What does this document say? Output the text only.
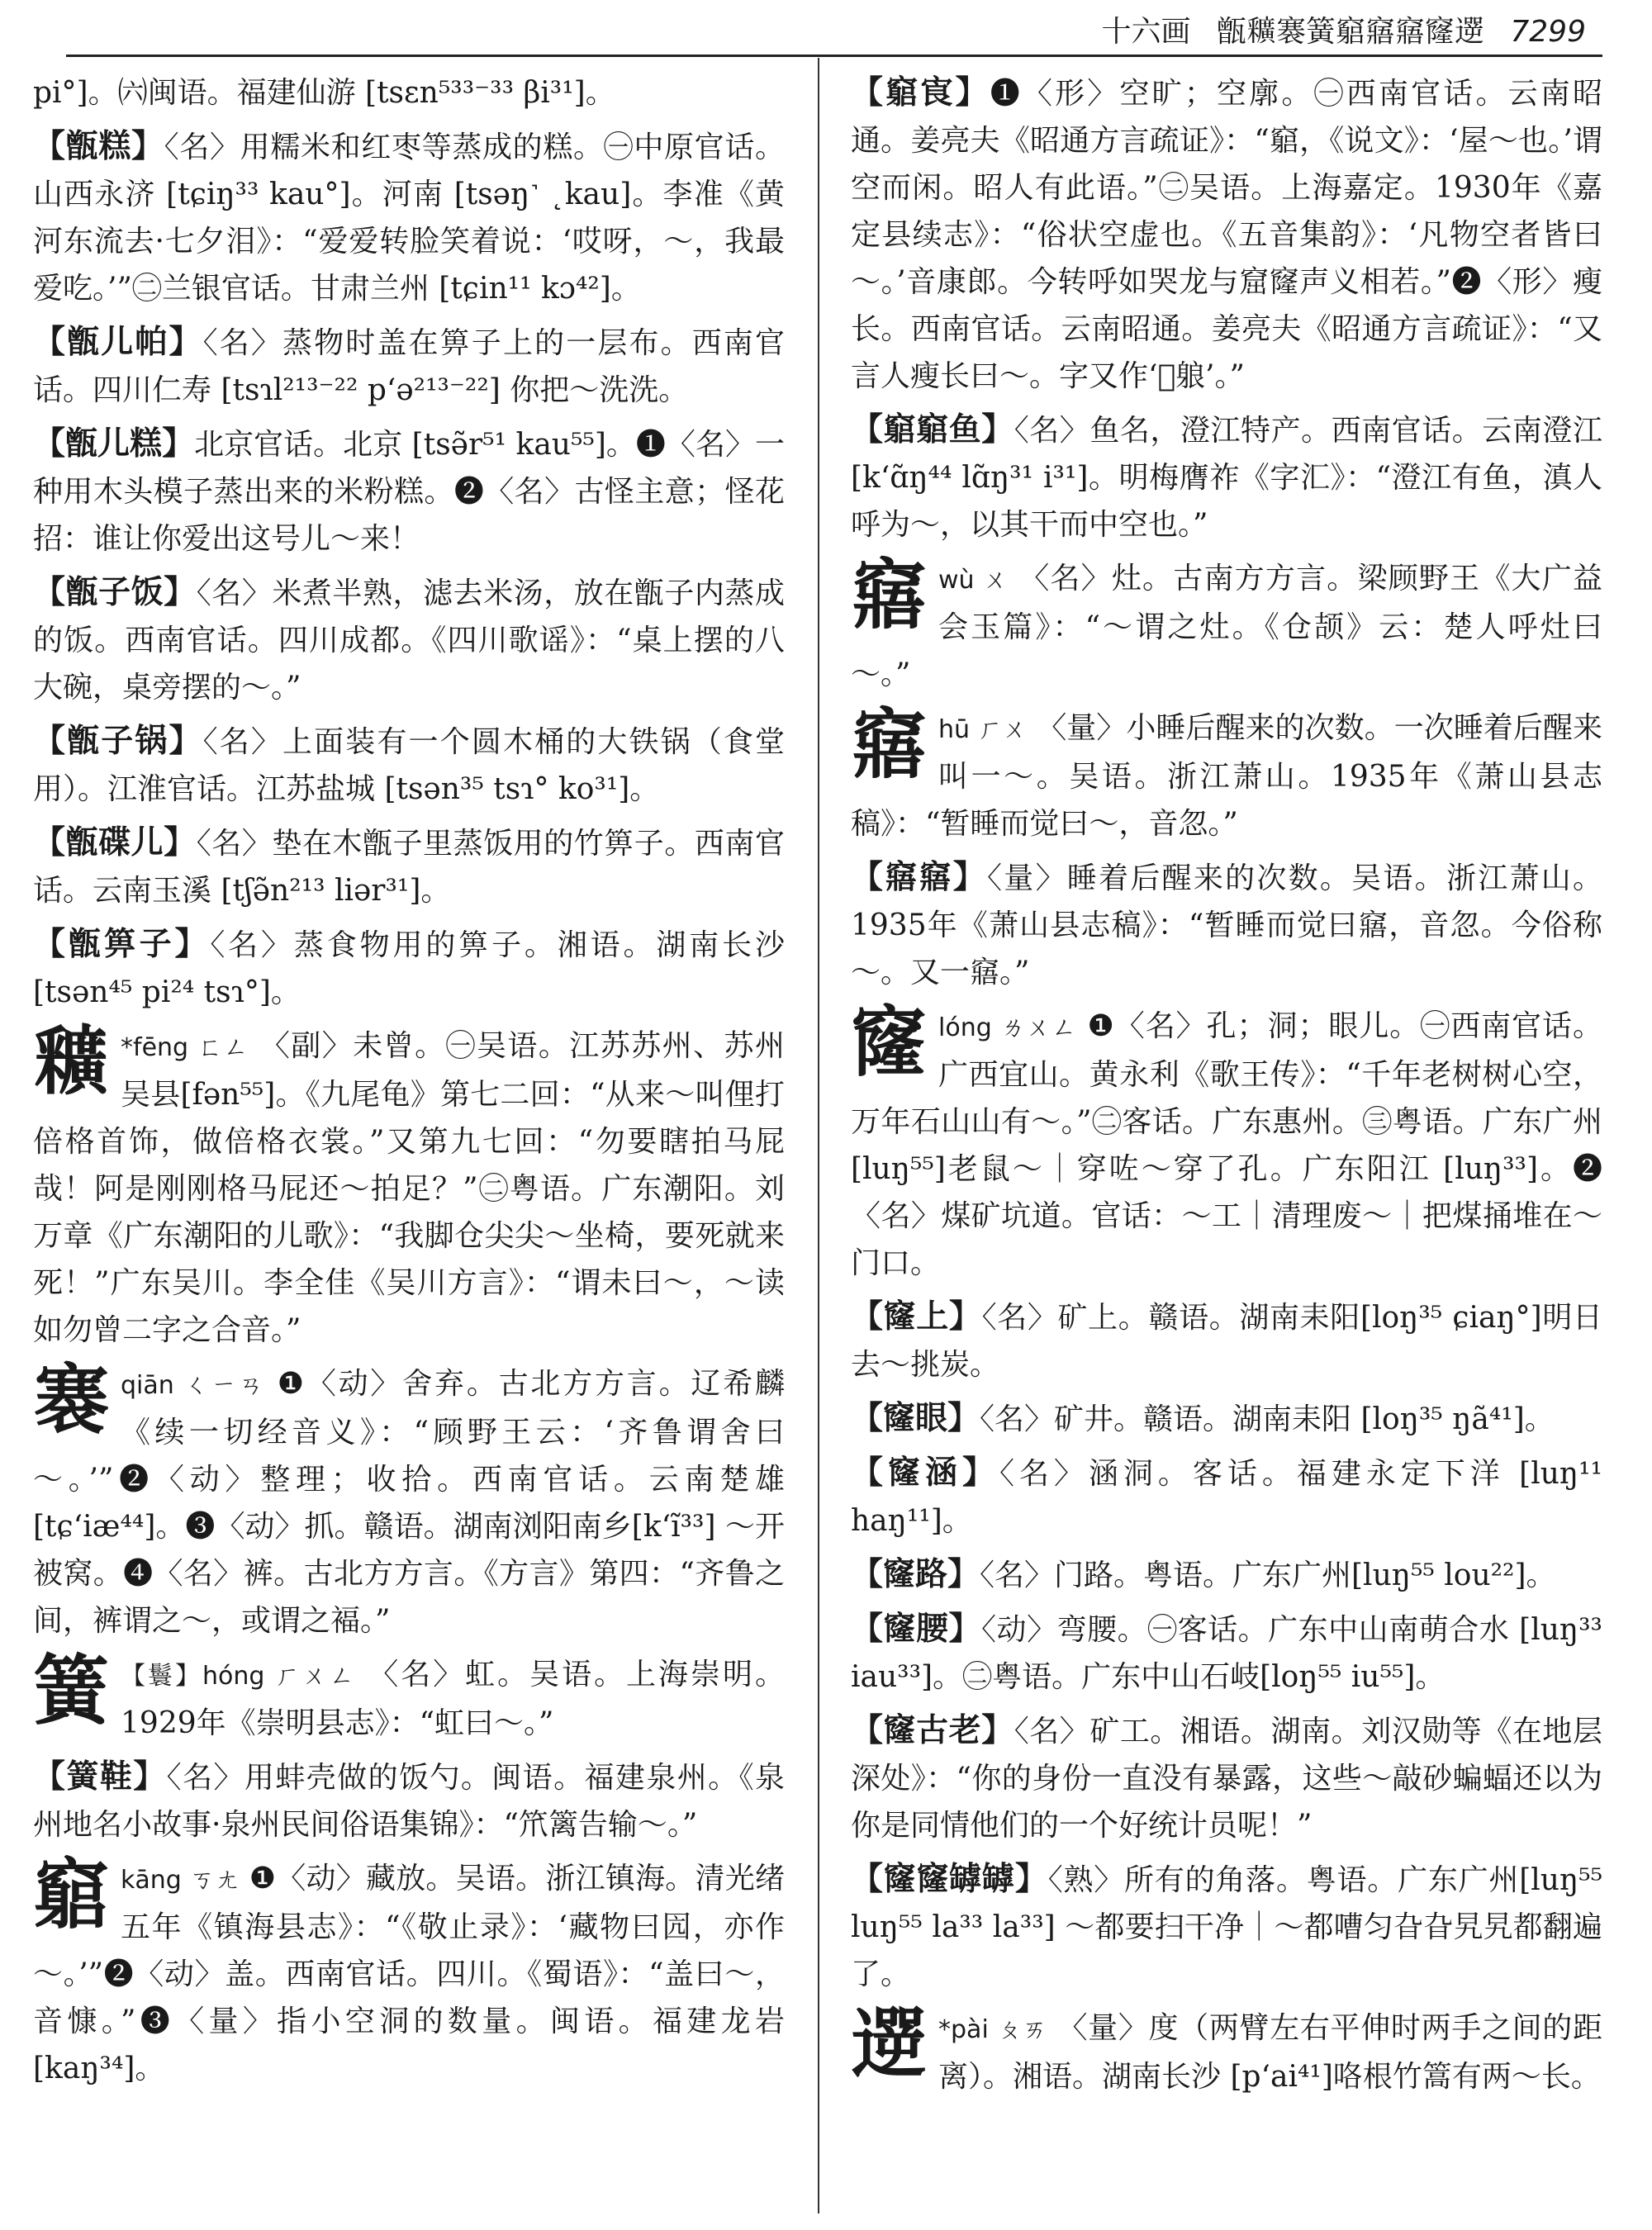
十六画 甑𨤡褰簧竆窹窹窿遻 7299

pi°]。㈥闽语。福建仙游 [tsɛn⁵³³⁻³³ βi³¹]。

【甑糕】〈名〉用糯米和红枣等蒸成的糕。㊀中原官话。山西永济 [tɕiŋ³³ kau°]。河南 [tsəŋ˺ ˛kau]。李准《黄河东流去·七夕泪》：“爱爱转脸笑着说：‘哎呀，～，我最爱吃。’”㊁兰银官话。甘肃兰州 [tɕin¹¹ kɔ⁴²]。

【甑儿帕】〈名〉蒸物时盖在箅子上的一层布。西南官话。四川仁寿 [tsɿl²¹³⁻²² p‘ə²¹³⁻²²] 你把～洗洗。

【甑儿糕】北京官话。北京 [tsə̃r⁵¹ kau⁵⁵]。❶〈名〉一种用木头模子蒸出来的米粉糕。❷〈名〉古怪主意；怪花招：谁让你爱出这号儿～来！

【甑子饭】〈名〉米煮半熟，滤去米汤，放在甑子内蒸成的饭。西南官话。四川成都。《四川歌谣》：“桌上摆的八大碗，桌旁摆的～。”

【甑子锅】〈名〉上面装有一个圆木桶的大铁锅（食堂用）。江淮官话。江苏盐城 [tsən³⁵ tsɿ° ko³¹]。

【甑碟儿】〈名〉垫在木甑子里蒸饭用的竹箅子。西南官话。云南玉溪 [tʃə̃n²¹³ liər³¹]。

【甑箅子】〈名〉蒸食物用的箅子。湘语。湖南长沙 [tsən⁴⁵ pi²⁴ tsɿ°]。

𨤡 *fēng ㄈㄥ 〈副〉未曾。㊀吴语。江苏苏州、苏州吴县[fən⁵⁵]。《九尾龟》第七二回：“从来～叫俚打倍格首饰，做倍格衣裳。”又第九七回：“勿要瞎拍马屁哉！阿是刚刚格马屁还～拍足？”㊁粤语。广东潮阳。刘万章《广东潮阳的儿歌》：“我脚仓尖尖～坐椅，要死就来死！”广东吴川。李全佳《吴川方言》：“谓未曰～，～读如勿曾二字之合音。”

褰qiān ㄑㄧㄢ ❶〈动〉舍弃。古北方方言。辽希麟《续一切经音义》：“顾野王云：‘齐鲁谓舍曰～。’”❷〈动〉整理；收拾。西南官话。云南楚雄[tɕ‘iæ⁴⁴]。❸〈动〉抓。赣语。湖南浏阳南乡[k‘ĩ³³] ～开被窝。❹〈名〉裤。古北方方言。《方言》第四：“齐鲁之间，裤谓之～，或谓之褔。”

簧 【鬟】hóng ㄏㄨㄥ 〈名〉虹。吴语。上海崇明。1929年《崇明县志》：“虹曰～。”

【簧鞋】〈名〉用蚌壳做的饭勺。闽语。福建泉州。《泉州地名小故事·泉州民间俗语集锦》：“笊篱告输～。”

竆kāng ㄎㄤ ❶〈动〉藏放。吴语。浙江镇海。清光绪五年《镇海县志》：“《敬止录》：‘藏物曰囥，亦作～。’”❷〈动〉盖。西南官话。四川。《蜀语》：“盖曰～，音慷。”❸〈量〉指小空洞的数量。闽语。福建龙岩 [kaŋ³⁴]。

【竆㝗】❶〈形〉空旷；空廓。㊀西南官话。云南昭通。姜亮夫《昭通方言疏证》：“竆，《说文》：‘屋～也。’谓空而闲。昭人有此语。”㊁吴语。上海嘉定。1930年《嘉定县续志》：“俗状空虚也。《五音集韵》：‘凡物空者皆曰～。’音康郎。今转呼如哭龙与窟窿声义相若。”❷〈形〉瘦长。西南官话。云南昭通。姜亮夫《昭通方言疏证》：“又言人瘦长曰～。字又作‘𨉁躴’。”

【竆竆鱼】〈名〉鱼名，澄江特产。西南官话。云南澄江[k‘ɑ̃ŋ⁴⁴ lɑ̃ŋ³¹ i³¹]。明梅膺祚《字汇》：“澄江有鱼，滇人呼为～，以其干而中空也。”

窹wù ㄨ 〈名〉灶。古南方方言。梁顾野王《大广益会玉篇》：“～谓之灶。《仓颉》云：楚人呼灶曰～。”

窹hū ㄏㄨ 〈量〉小睡后醒来的次数。一次睡着后醒来叫一～。吴语。浙江萧山。1935年《萧山县志稿》：“暂睡而觉曰～，音忽。”

【窹窹】〈量〉睡着后醒来的次数。吴语。浙江萧山。1935年《萧山县志稿》：“暂睡而觉曰窹，音忽。今俗称～。又一窹。”

窿lóng ㄌㄨㄥ ❶〈名〉孔；洞；眼儿。㊀西南官话。广西宜山。黄永利《歌王传》：“千年老树树心空，万年石山山有～。”㊁客话。广东惠州。㊂粤语。广东广州 [luŋ⁵⁵]老鼠～｜穿咗～穿了孔。广东阳江 [luŋ³³]。❷〈名〉煤矿坑道。官话：～工｜清理废～｜把煤捅堆在～门口。

【窿上】〈名〉矿上。赣语。湖南耒阳[loŋ³⁵ ɕiaŋ°]明日去～挑炭。

【窿眼】〈名〉矿井。赣语。湖南耒阳 [loŋ³⁵ ŋã⁴¹]。

【窿涵】〈名〉涵洞。客话。福建永定下洋 [luŋ¹¹ haŋ¹¹]。

【窿路】〈名〉门路。粤语。广东广州[luŋ⁵⁵ lou²²]。

【窿腰】〈动〉弯腰。㊀客话。广东中山南萌合水 [luŋ³³ iau³³]。㊁粤语。广东中山石岐[loŋ⁵⁵ iu⁵⁵]。

【窿古老】〈名〉矿工。湘语。湖南。刘汉勋等《在地层深处》：“你的身份一直没有暴露，这些～敲砂蝙蝠还以为你是同情他们的一个好统计员呢！”

【窿窿罅罅】〈熟〉所有的角落。粤语。广东广州[luŋ⁵⁵ luŋ⁵⁵ la³³ la³³] ～都要扫干净｜～都嘈匀旮旮旯旯都翻遍了。

遻 *pài ㄆㄞ 〈量〉度（两臂左右平伸时两手之间的距离）。湘语。湖南长沙 [p‘ai⁴¹]咯根竹篙有两～长。
